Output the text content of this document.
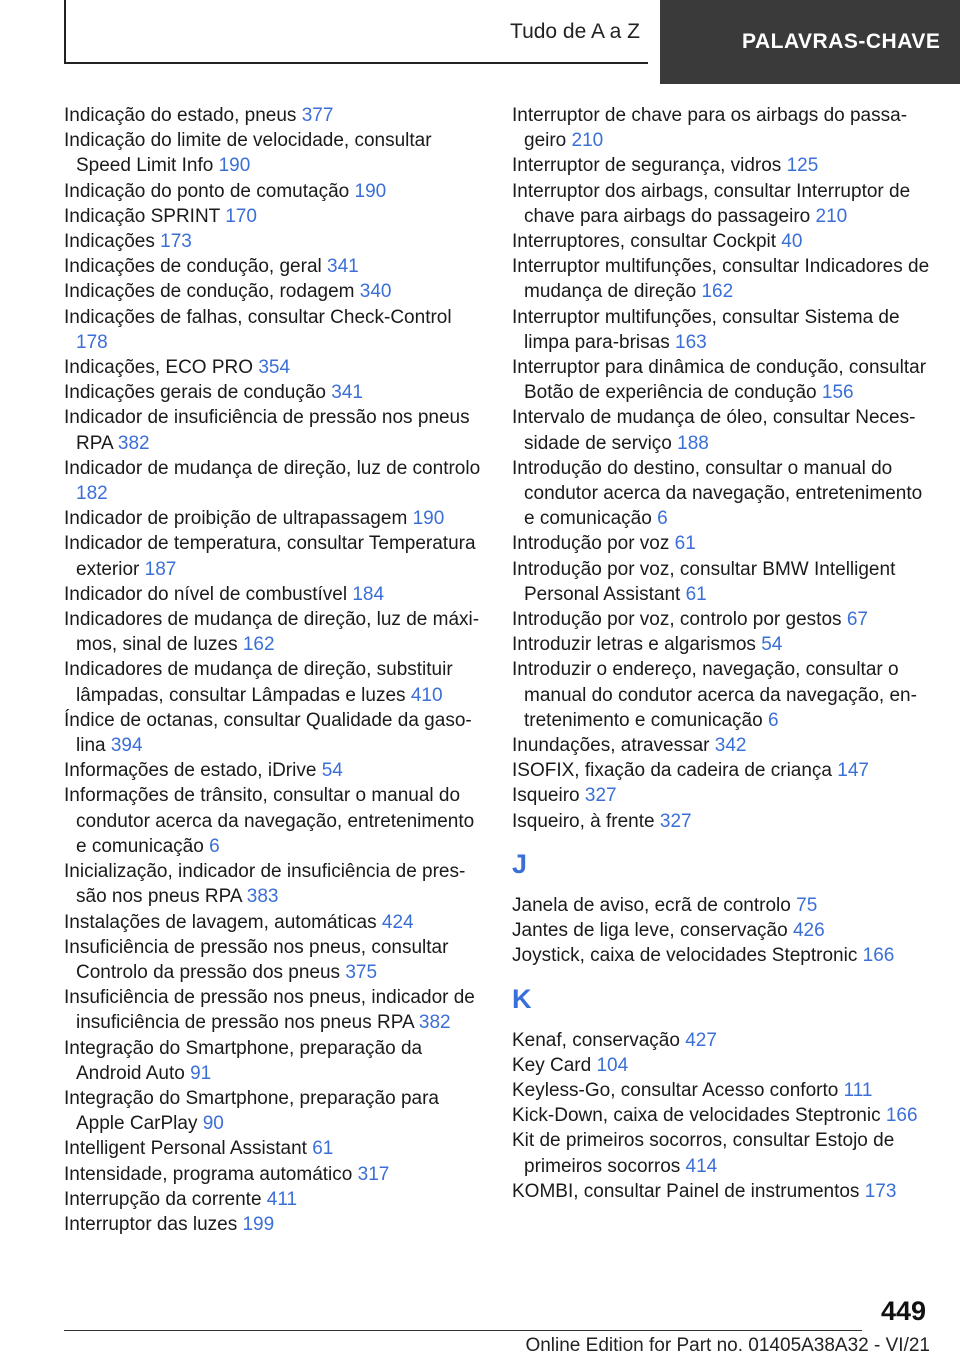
Tudo de A a Z	PALAVRAS-CHAVE
Indicação do estado, pneus 377
Indicação do limite de velocidade, consultar Speed Limit Info 190
Indicação do ponto de comutação 190
Indicação SPRINT 170
Indicações 173
Indicações de condução, geral 341
Indicações de condução, rodagem 340
Indicações de falhas, consultar Check-Control 178
Indicações, ECO PRO 354
Indicações gerais de condução 341
Indicador de insuficiência de pressão nos pneus RPA 382
Indicador de mudança de direção, luz de controlo 182
Indicador de proibição de ultrapassagem 190
Indicador de temperatura, consultar Temperatura exterior 187
Indicador do nível de combustível 184
Indicadores de mudança de direção, luz de máximos, sinal de luzes 162
Indicadores de mudança de direção, substituir lâmpadas, consultar Lâmpadas e luzes 410
Índice de octanas, consultar Qualidade da gasolina 394
Informações de estado, iDrive 54
Informações de trânsito, consultar o manual do condutor acerca da navegação, entretenimento e comunicação 6
Inicialização, indicador de insuficiência de pressão nos pneus RPA 383
Instalações de lavagem, automáticas 424
Insuficiência de pressão nos pneus, consultar Controlo da pressão dos pneus 375
Insuficiência de pressão nos pneus, indicador de insuficiência de pressão nos pneus RPA 382
Integração do Smartphone, preparação da Android Auto 91
Integração do Smartphone, preparação para Apple CarPlay 90
Intelligent Personal Assistant 61
Intensidade, programa automático 317
Interrupção da corrente 411
Interruptor das luzes 199
Interruptor de chave para os airbags do passageiro 210
Interruptor de segurança, vidros 125
Interruptor dos airbags, consultar Interruptor de chave para airbags do passageiro 210
Interruptores, consultar Cockpit 40
Interruptor multifunções, consultar Indicadores de mudança de direção 162
Interruptor multifunções, consultar Sistema de limpa para-brisas 163
Interruptor para dinâmica de condução, consultar Botão de experiência de condução 156
Intervalo de mudança de óleo, consultar Necessidade de serviço 188
Introdução do destino, consultar o manual do condutor acerca da navegação, entretenimento e comunicação 6
Introdução por voz 61
Introdução por voz, consultar BMW Intelligent Personal Assistant 61
Introdução por voz, controlo por gestos 67
Introduzir letras e algarismos 54
Introduzir o endereço, navegação, consultar o manual do condutor acerca da navegação, entretenimento e comunicação 6
Inundações, atravessar 342
ISOFIX, fixação da cadeira de criança 147
Isqueiro 327
Isqueiro, à frente 327
J
Janela de aviso, ecrã de controlo 75
Jantes de liga leve, conservação 426
Joystick, caixa de velocidades Steptronic 166
K
Kenaf, conservação 427
Key Card 104
Keyless-Go, consultar Acesso conforto 111
Kick-Down, caixa de velocidades Steptronic 166
Kit de primeiros socorros, consultar Estojo de primeiros socorros 414
KOMBI, consultar Painel de instrumentos 173
449
Online Edition for Part no. 01405A38A32 - VI/21
